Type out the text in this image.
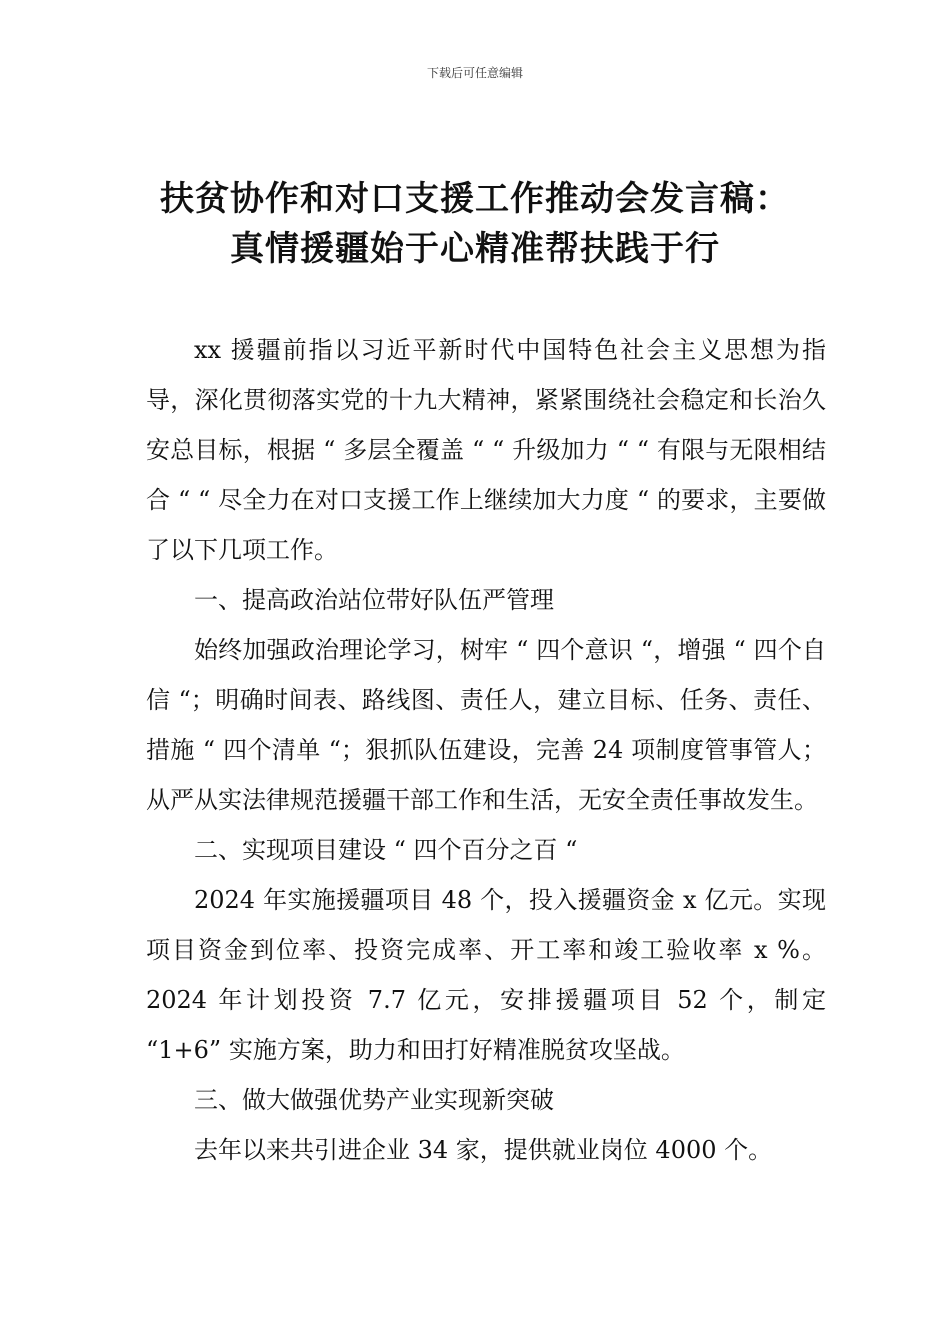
下载后可任意编辑
扶贫协作和对口支援工作推动会发言稿：
真情援疆始于心精准帮扶践于行

xx 援疆前指以习近平新时代中国特色社会主义思想为指导，深化贯彻落实党的十九大精神，紧紧围绕社会稳定和长治久安总目标，根据 “ 多层全覆盖 “ “ 升级加力 “ “ 有限与无限相结合 “ “ 尽全力在对口支援工作上继续加大力度 “ 的要求，主要做了以下几项工作。

一、提高政治站位带好队伍严管理

始终加强政治理论学习，树牢 “ 四个意识 “，增强 “ 四个自信 “；明确时间表、路线图、责任人，建立目标、任务、责任、措施 “ 四个清单 “；狠抓队伍建设，完善 24 项制度管事管人；从严从实法律规范援疆干部工作和生活，无安全责任事故发生。

二、实现项目建设 “ 四个百分之百 “

2024 年实施援疆项目 48 个，投入援疆资金 x 亿元。实现项目资金到位率、投资完成率、开工率和竣工验收率 x %。2024 年计划投资 7.7 亿元，安排援疆项目 52 个，制定 “1+6” 实施方案，助力和田打好精准脱贫攻坚战。

三、做大做强优势产业实现新突破

去年以来共引进企业 34 家，提供就业岗位 4000 个。
